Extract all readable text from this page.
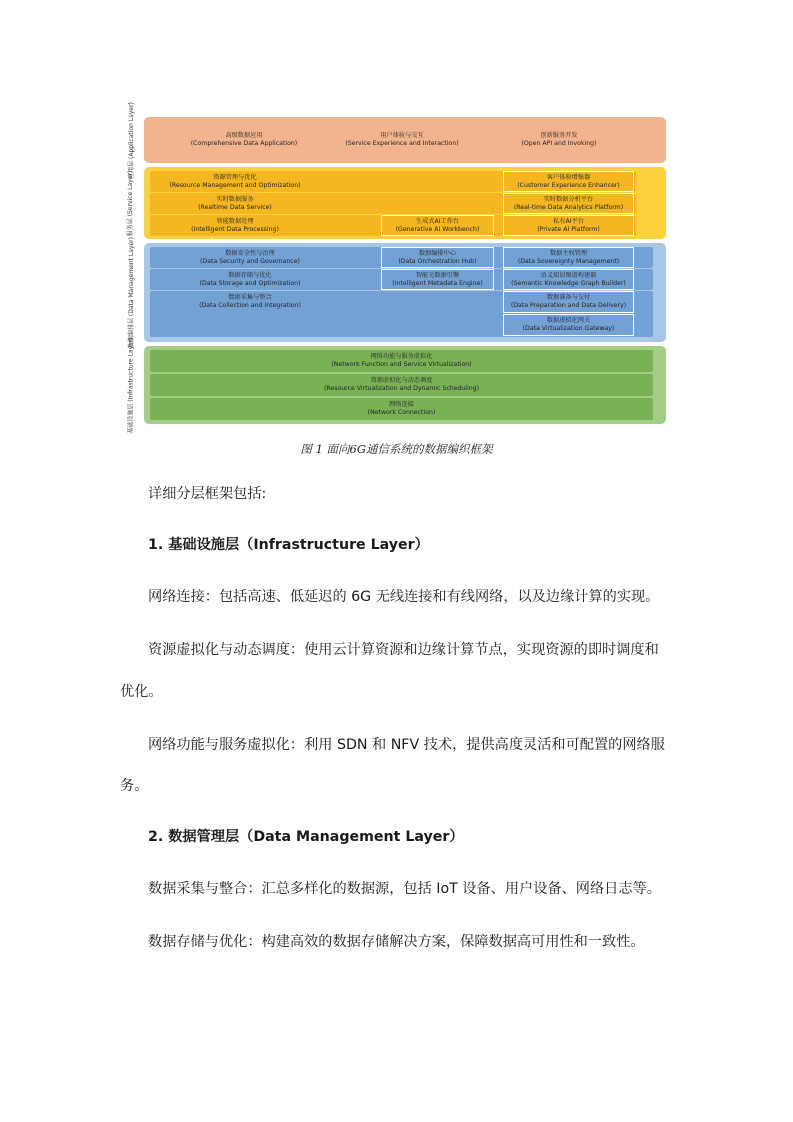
应用层 (Application Layer)
服务层 (Service Layer)
数据编排层 (Data Management Layer)
基础设施层 (Infrastructure Layer)
高级数据应用
(Comprehensive Data Application)
用户体验与交互
(Service Experience and Interaction)
创新服务开发
(Open API and Invoking)
资源管理与优化
(Resource Management and Optimization)
客户体验增强器
(Customer Experience Enhancer)
实时数据服务
(Realtime Data Service)
实时数据分析平台
(Real-time Data Analytics Platform)
智能数据处理
(Intelligent Data Processing)
生成式AI工作台
(Generative AI Workbench)
私有AI平台
(Private AI Platform)
数据安全性与治理
(Data Security and Governance)
数据编排中心
(Data Orchestration Hub)
数据主权管理
(Data Sovereignty Management)
数据存储与优化
(Data Storage and Optimization)
智能元数据引擎
(Intelligent Metadata Engine)
语义知识图谱构建器
(Semantic Knowledge Graph Builder)
数据采集与整合
(Data Collection and Integration)
数据准备与交付
(Data Preparation and Data Delivery)
数据虚拟化网关
(Data Virtualization Gateway)
网络功能与服务虚拟化
(Network Function and Service Virtualization)
资源虚拟化与动态调度
(Resource Virtualization and Dynamic Scheduling)
网络连接
(Network Connection)
图 1 面向6G通信系统的数据编织框架

详细分层框架包括:

1. 基础设施层（Infrastructure Layer）

网络连接：包括高速、低延迟的 6G 无线连接和有线网络，以及边缘计算的实现。

资源虚拟化与动态调度：使用云计算资源和边缘计算节点，实现资源的即时调度和

优化。

网络功能与服务虚拟化：利用 SDN 和 NFV 技术，提供高度灵活和可配置的网络服

务。

2. 数据管理层（Data Management Layer）

数据采集与整合：汇总多样化的数据源，包括 IoT 设备、用户设备、网络日志等。

数据存储与优化：构建高效的数据存储解决方案，保障数据高可用性和一致性。
